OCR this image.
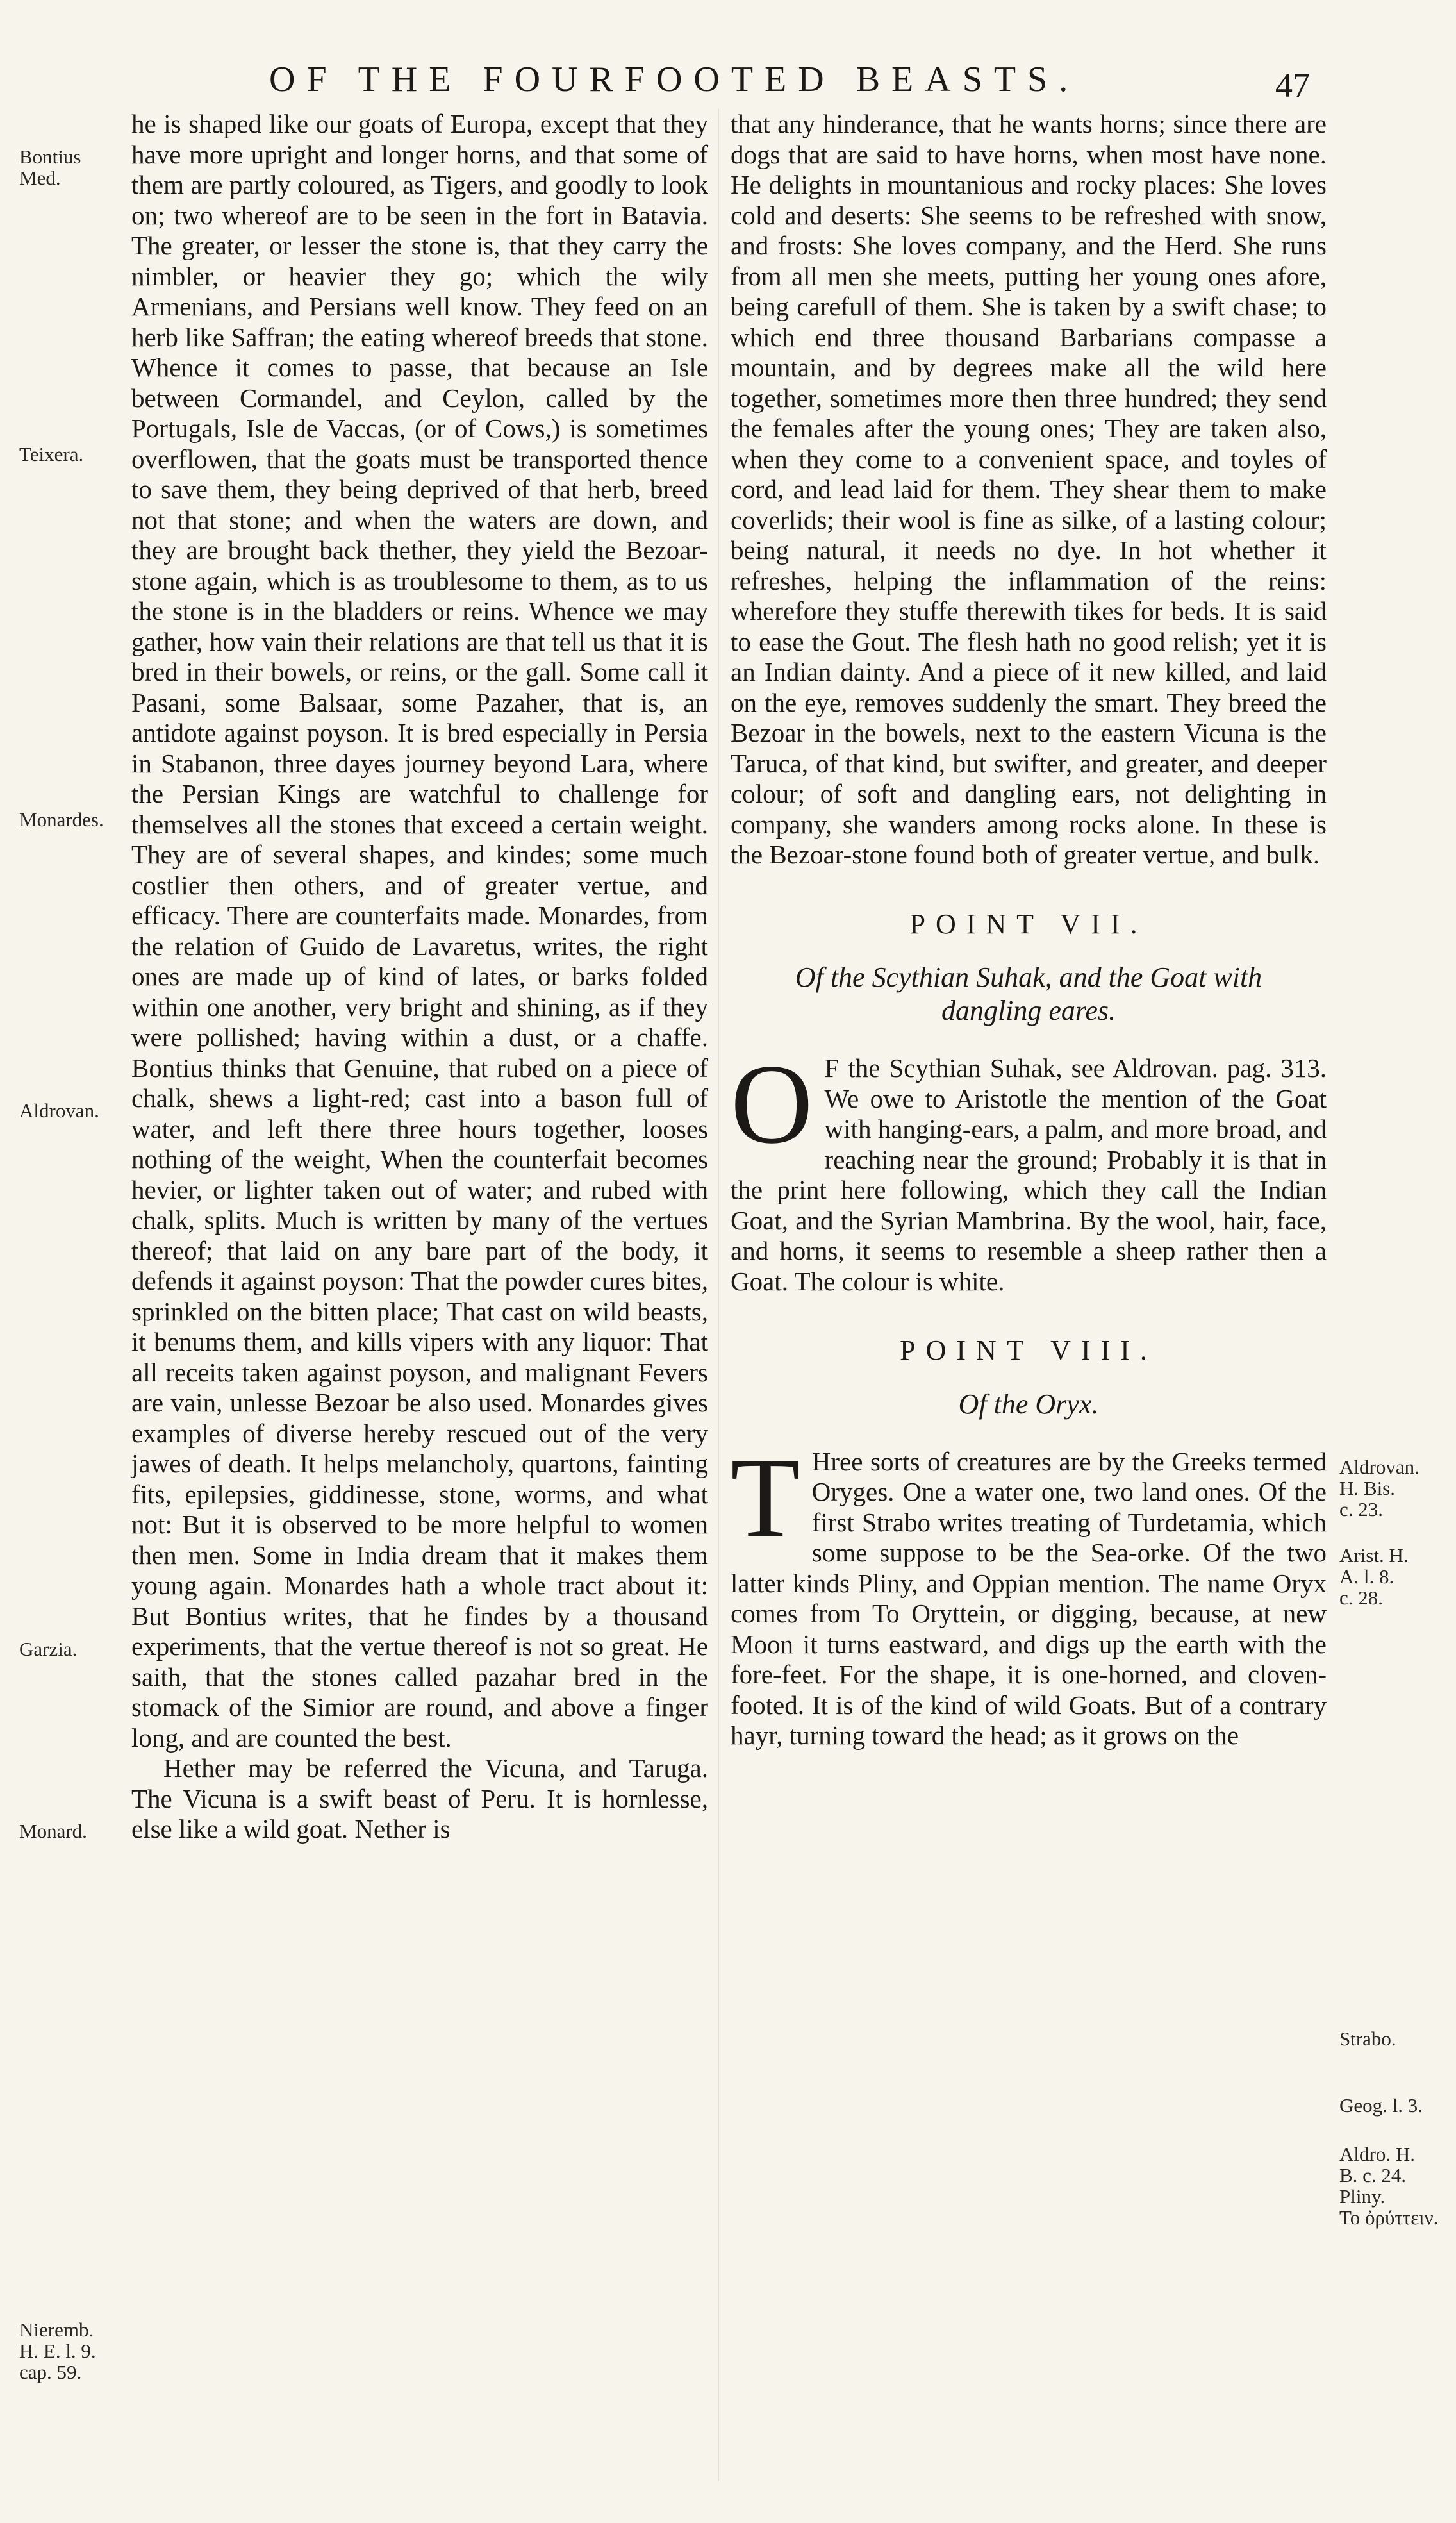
OF THE FOURFOOTED BEASTS.	47
Bontius
Med.
Teixera.
Monardes.
Aldrovan.
Garzia.
Monard.
Nieremb.
H. E. l. 9.
cap. 59.
Aldrovan.
H. Bis.
c. 23.
Arist. H.
A. l. 8.
c. 28.
Strabo.
Geog. l. 3.
Aldro. H.
B. c. 24.
Pliny.
To ὀρύττειν.

he is shaped like our goats of Europa, except that they have more upright and longer horns, and that some of them are partly coloured, as Tigers, and goodly to look on; two whereof are to be seen in the fort in Batavia. The greater, or lesser the stone is, that they carry the nimbler, or heavier they go; which the wily Armenians, and Persians well know. They feed on an herb like Saffran; the eating whereof breeds that stone. Whence it comes to passe, that because an Isle between Cormandel, and Ceylon, called by the Portugals, Isle de Vaccas, (or of Cows,) is sometimes overflowen, that the goats must be transported thence to save them, they being deprived of that herb, breed not that stone; and when the waters are down, and they are brought back thether, they yield the Bezoar-stone again, which is as troublesome to them, as to us the stone is in the bladders or reins. Whence we may gather, how vain their relations are that tell us that it is bred in their bowels, or reins, or the gall. Some call it Pasani, some Balsaar, some Pazaher, that is, an antidote against poyson. It is bred especially in Persia in Stabanon, three dayes journey beyond Lara, where the Persian Kings are watchful to challenge for themselves all the stones that exceed a certain weight. They are of several shapes, and kindes; some much costlier then others, and of greater vertue, and efficacy. There are counterfaits made. Monardes, from the relation of Guido de Lavaretus, writes, the right ones are made up of kind of lates, or barks folded within one another, very bright and shining, as if they were pollished; having within a dust, or a chaffe. Bontius thinks that Genuine, that rubed on a piece of chalk, shews a light-red; cast into a bason full of water, and left there three hours together, looses nothing of the weight, When the counterfait becomes hevier, or lighter taken out of water; and rubed with chalk, splits. Much is written by many of the vertues thereof; that laid on any bare part of the body, it defends it against poyson: That the powder cures bites, sprinkled on the bitten place; That cast on wild beasts, it benums them, and kills vipers with any liquor: That all receits taken against poyson, and malignant Fevers are vain, unlesse Bezoar be also used. Monardes gives examples of diverse hereby rescued out of the very jawes of death. It helps melancholy, quartons, fainting fits, epilepsies, giddinesse, stone, worms, and what not: But it is observed to be more helpful to women then men. Some in India dream that it makes them young again. Monardes hath a whole tract about it: But Bontius writes, that he findes by a thousand experiments, that the vertue thereof is not so great. He saith, that the stones called pazahar bred in the stomack of the Simior are round, and above a finger long, and are counted the best.

Hether may be referred the Vicuna, and Taruga. The Vicuna is a swift beast of Peru. It is hornlesse, else like a wild goat. Nether is

that any hinderance, that he wants horns; since there are dogs that are said to have horns, when most have none. He delights in mountanious and rocky places: She loves cold and deserts: She seems to be refreshed with snow, and frosts: She loves company, and the Herd. She runs from all men she meets, putting her young ones afore, being carefull of them. She is taken by a swift chase; to which end three thousand Barbarians compasse a mountain, and by degrees make all the wild here together, sometimes more then three hundred; they send the females after the young ones; They are taken also, when they come to a convenient space, and toyles of cord, and lead laid for them. They shear them to make coverlids; their wool is fine as silke, of a lasting colour; being natural, it needs no dye. In hot whether it refreshes, helping the inflammation of the reins: wherefore they stuffe therewith tikes for beds. It is said to ease the Gout. The flesh hath no good relish; yet it is an Indian dainty. And a piece of it new killed, and laid on the eye, removes suddenly the smart. They breed the Bezoar in the bowels, next to the eastern Vicuna is the Taruca, of that kind, but swifter, and greater, and deeper colour; of soft and dangling ears, not delighting in company, she wanders among rocks alone. In these is the Bezoar-stone found both of greater vertue, and bulk.

POINT VII.
Of the Scythian Suhak, and the Goat with dangling eares.

O F the Scythian Suhak, see Aldrovan. pag. 313. We owe to Aristotle the mention of the Goat with hanging-ears, a palm, and more broad, and reaching near the ground; Probably it is that in the print here following, which they call the Indian Goat, and the Syrian Mambrina. By the wool, hair, face, and horns, it seems to resemble a sheep rather then a Goat. The colour is white.

POINT VIII.
Of the Oryx.

T Hree sorts of creatures are by the Greeks termed Oryges. One a water one, two land ones. Of the first Strabo writes treating of Turdetamia, which some suppose to be the Sea-orke. Of the two latter kinds Pliny, and Oppian mention. The name Oryx comes from To Oryttein, or digging, because, at new Moon it turns eastward, and digs up the earth with the fore-feet. For the shape, it is one-horned, and cloven-footed. It is of the kind of wild Goats. But of a contrary hayr, turning toward the head; as it grows on the
